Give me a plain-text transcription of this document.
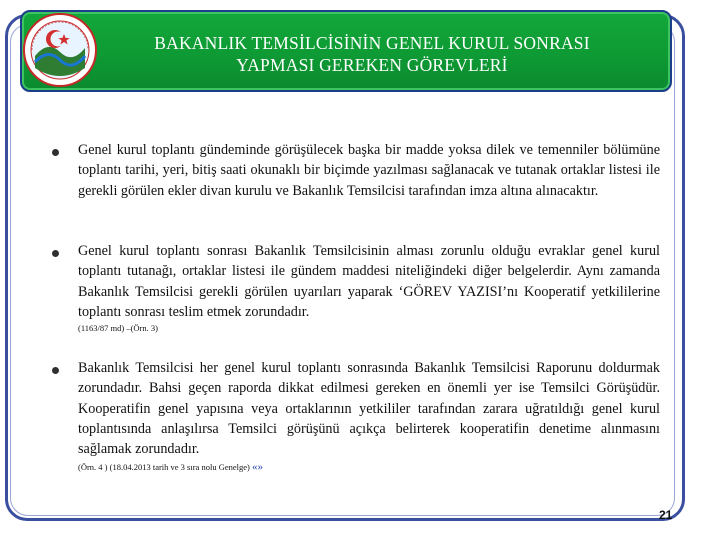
BAKANLIK TEMSİLCİSİNİN GENEL KURUL SONRASI
YAPMASI GEREKEN GÖREVLERİ
Genel kurul toplantı gündeminde görüşülecek başka bir madde yoksa dilek ve temenniler bölümüne toplantı tarihi, yeri, bitiş saati okunaklı bir biçimde yazılması sağlanacak ve tutanak ortaklar listesi ile gerekli görülen ekler divan kurulu ve Bakanlık Temsilcisi tarafından imza altına alınacaktır.
Genel kurul toplantı sonrası Bakanlık Temsilcisinin alması zorunlu olduğu evraklar genel kurul toplantı tutanağı, ortaklar listesi ile gündem maddesi niteliğindeki diğer belgelerdir. Aynı zamanda Bakanlık Temsilcisi gerekli görülen uyarıları yaparak ‘GÖREV YAZISI’nı Kooperatif yetkililerine toplantı sonrası teslim etmek zorundadır.
(1163/87 md) –(Örn. 3)
Bakanlık Temsilcisi her genel kurul toplantı sonrasında Bakanlık Temsilcisi Raporunu doldurmak zorundadır. Bahsi geçen raporda dikkat edilmesi gereken en önemli yer ise Temsilci Görüşüdür. Kooperatifin genel yapısına veya ortaklarının yetkililer tarafından zarara uğratıldığı genel kurul toplantısında anlaşılırsa Temsilci görüşünü açıkça belirterek kooperatifin denetime alınmasını sağlamak zorundadır.
(Örn. 4 ) (18.04.2013 tarih ve 3 sıra nolu Genelge) «»
21
